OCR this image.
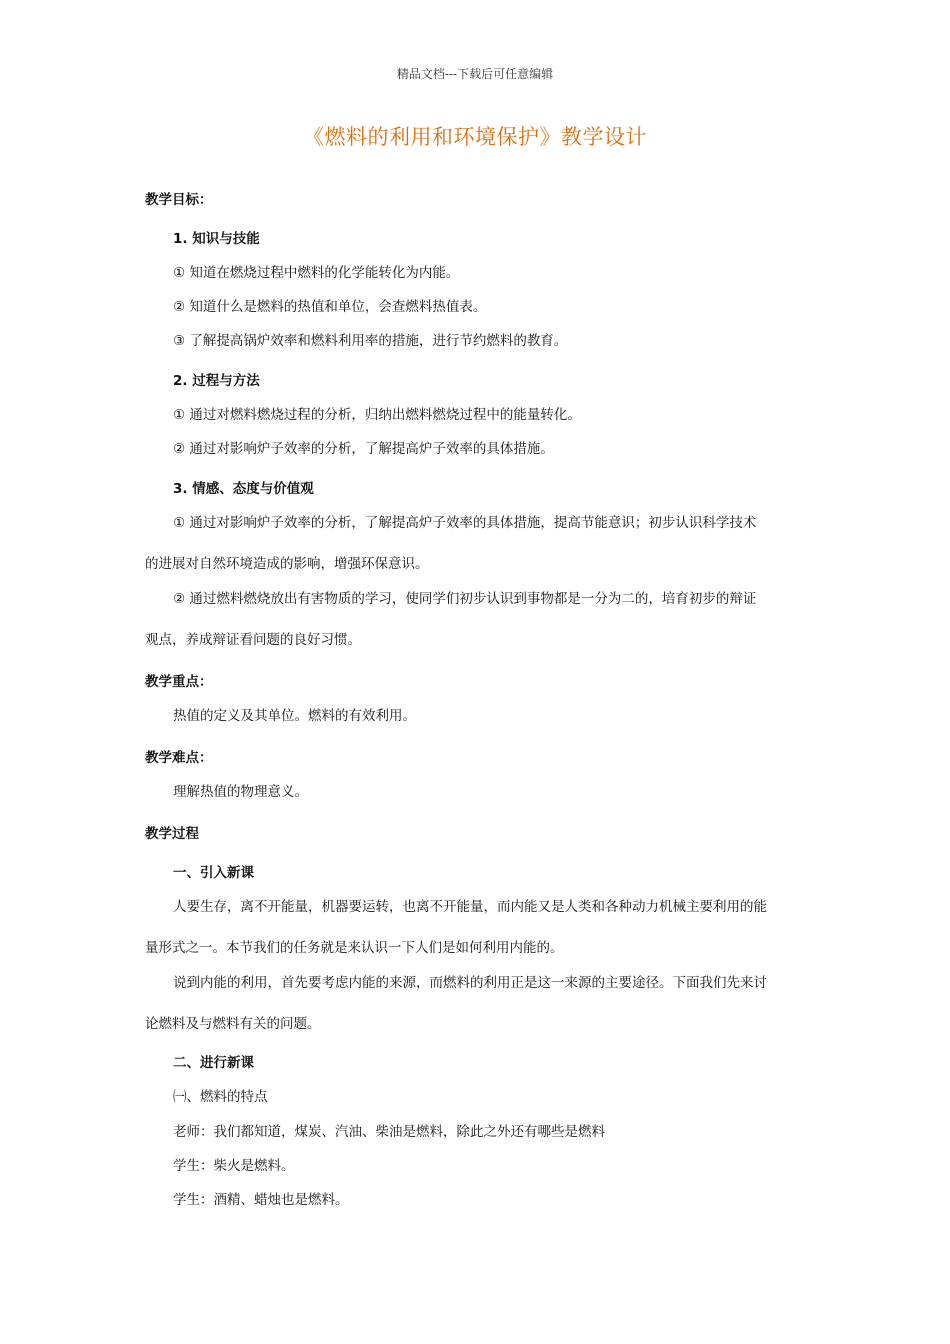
精品文档---下载后可任意编辑
《燃料的利用和环境保护》教学设计
教学目标：
1. 知识与技能
① 知道在燃烧过程中燃料的化学能转化为内能。
② 知道什么是燃料的热值和单位，会查燃料热值表。
③ 了解提高锅炉效率和燃料利用率的措施，进行节约燃料的教育。
2. 过程与方法
① 通过对燃料燃烧过程的分析，归纳出燃料燃烧过程中的能量转化。
② 通过对影响炉子效率的分析，了解提高炉子效率的具体措施。
3. 情感、态度与价值观
① 通过对影响炉子效率的分析，了解提高炉子效率的具体措施，提高节能意识；初步认识科学技术
的进展对自然环境造成的影响，增强环保意识。
② 通过燃料燃烧放出有害物质的学习，使同学们初步认识到事物都是一分为二的，培育初步的辩证
观点，养成辩证看问题的良好习惯。
教学重点：
热值的定义及其单位。燃料的有效利用。
教学难点：
理解热值的物理意义。
教学过程
一、引入新课
人要生存，离不开能量，机器要运转，也离不开能量，而内能又是人类和各种动力机械主要利用的能
量形式之一。本节我们的任务就是来认识一下人们是如何利用内能的。
说到内能的利用，首先要考虑内能的来源，而燃料的利用正是这一来源的主要途径。下面我们先来讨
论燃料及与燃料有关的问题。
二、进行新课
㈠、燃料的特点
老师：我们都知道，煤炭、汽油、柴油是燃料，除此之外还有哪些是燃料
学生：柴火是燃料。
学生：酒精、蜡烛也是燃料。
